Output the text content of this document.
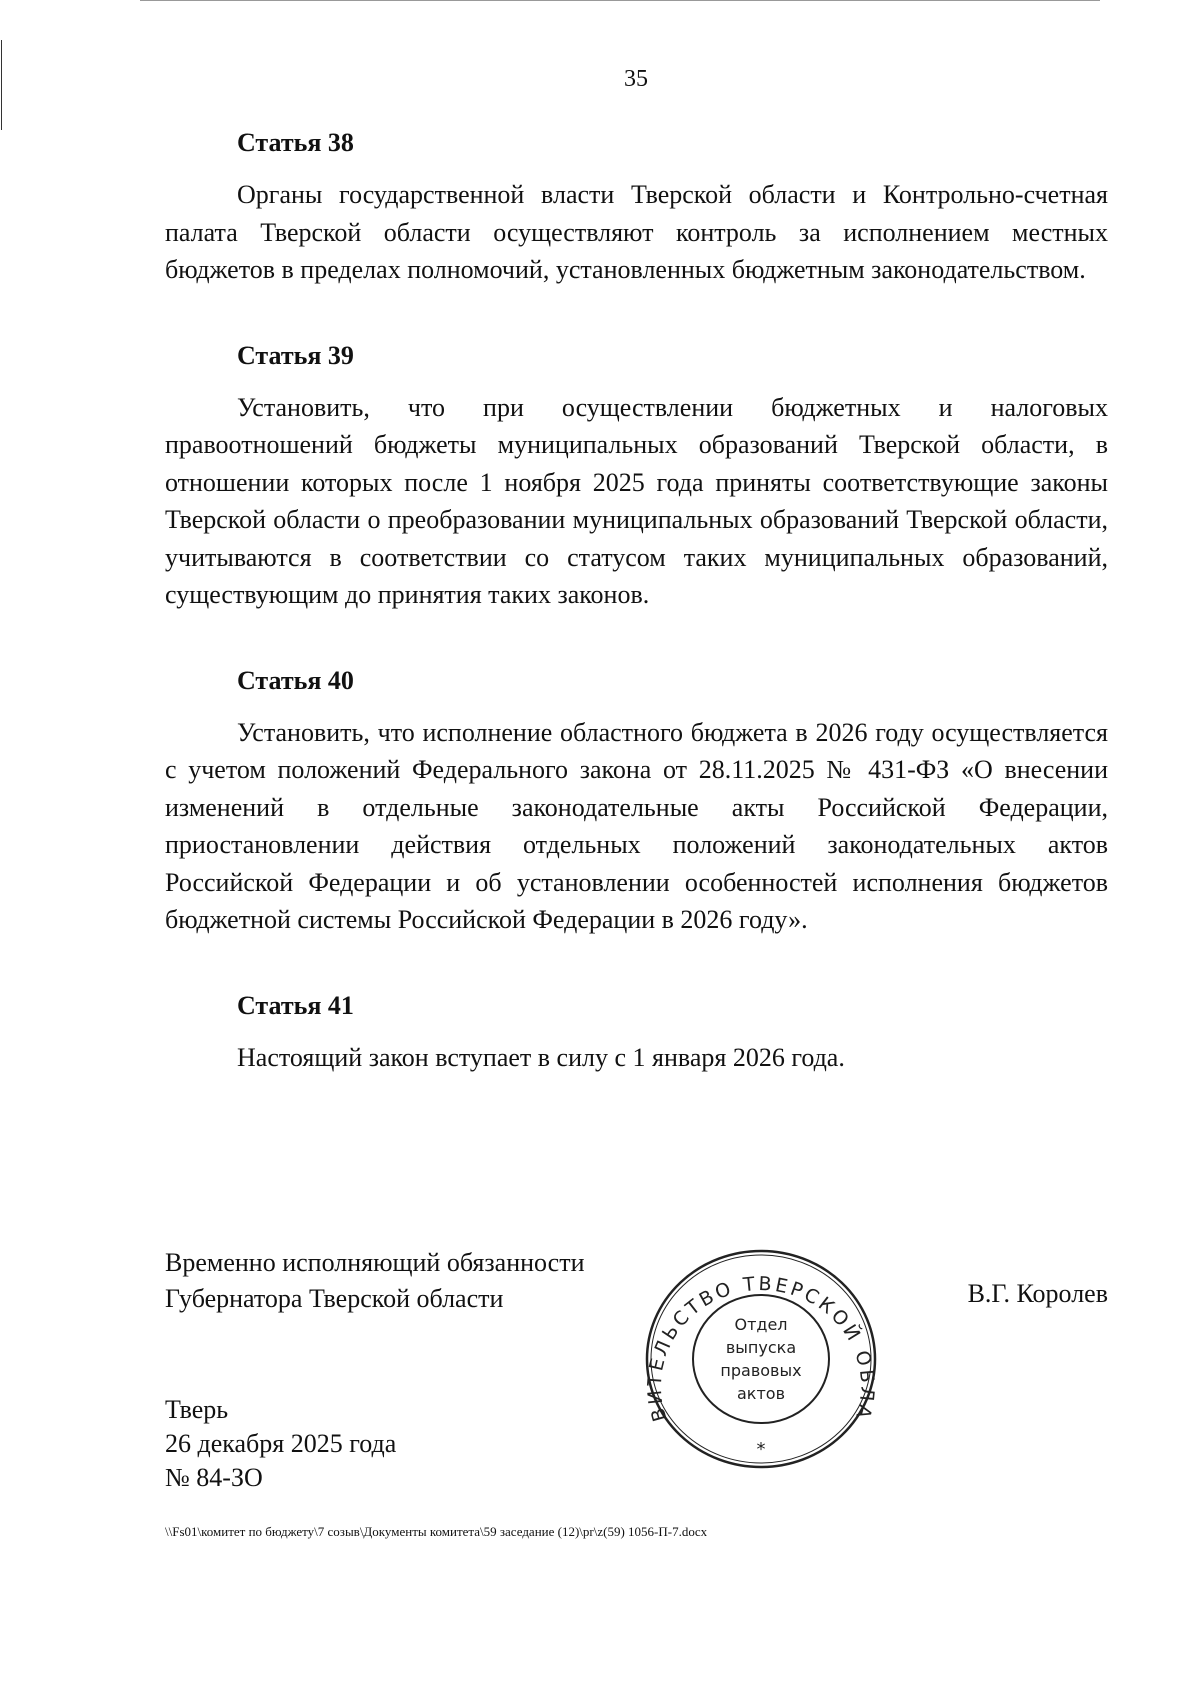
35
Статья 38

Органы государственной власти Тверской области и Контрольно-счетная палата Тверской области осуществляют контроль за исполнением местных бюджетов в пределах полномочий, установленных бюджетным законодательством.

Статья 39

Установить, что при осуществлении бюджетных и налоговых правоотношений бюджеты муниципальных образований Тверской области, в отношении которых после 1 ноября 2025 года приняты соответствующие законы Тверской области о преобразовании муниципальных образований Тверской области, учитываются в соответствии со статусом таких муниципальных образований, существующим до принятия таких законов.

Статья 40

Установить, что исполнение областного бюджета в 2026 году осуществляется с учетом положений Федерального закона от 28.11.2025 № 431-ФЗ «О внесении изменений в отдельные законодательные акты Российской Федерации, приостановлении действия отдельных положений законодательных актов Российской Федерации и об установлении особенностей исполнения бюджетов бюджетной системы Российской Федерации в 2026 году».

Статья 41

Настоящий закон вступает в силу с 1 января 2026 года.

Временно исполняющий обязанности
Губернатора Тверской области	В.Г. Королев
ВИТЕЛЬСТВО ТВЕРСКОЙ ОБЛА
*
Отдел
выпуска
правовых
актов
Тверь
26 декабря 2025 года
№ 84-ЗО
\\Fs01\комитет по бюджету\7 созыв\Документы комитета\59 заседание (12)\pr\z(59) 1056-П-7.docx
